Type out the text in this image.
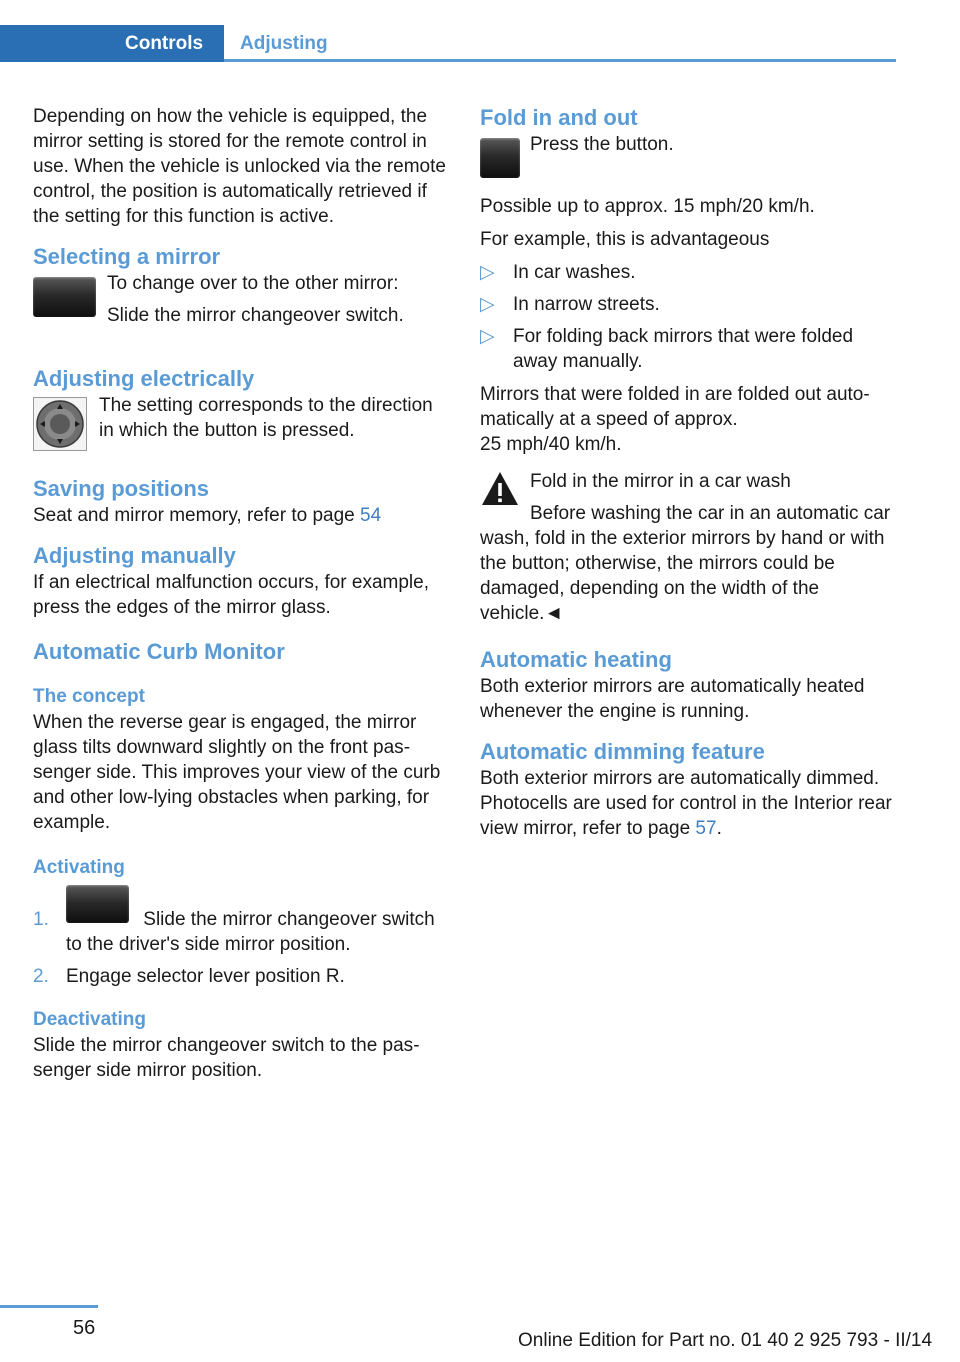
Controls Adjusting

Depending on how the vehicle is equipped, the mirror setting is stored for the remote control in use. When the vehicle is unlocked via the remote control, the position is automatically retrieved if the setting for this function is active.

Selecting a mirror
To change over to the other mirror:
Slide the mirror changeover switch.
Adjusting electrically
The setting corresponds to the direction in which the button is pressed.
Saving positions

Seat and mirror memory, refer to page 54

Adjusting manually

If an electrical malfunction occurs, for example, press the edges of the mirror glass.

Automatic Curb Monitor
The concept

When the reverse gear is engaged, the mirror glass tilts downward slightly on the front passenger side. This improves your view of the curb and other low-lying obstacles when parking, for example.

Activating
1.	Slide the mirror changeover switch to the driver's side mirror position.
2. Engage selector lever position R.
Deactivating

Slide the mirror changeover switch to the passenger side mirror position.

Fold in and out
Press the button.

Possible up to approx. 15 mph/20 km/h.

For example, this is advantageous

▷ In car washes.
▷ In narrow streets.
▷ For folding back mirrors that were folded away manually.

Mirrors that were folded in are folded out automatically at a speed of approx.

25 mph/40 km/h.

Fold in the mirror in a car wash
Before washing the car in an automatic car wash, fold in the exterior mirrors by hand or with the button; otherwise, the mirrors could be damaged, depending on the width of the vehicle.◄
Automatic heating

Both exterior mirrors are automatically heated whenever the engine is running.

Automatic dimming feature

Both exterior mirrors are automatically dimmed. Photocells are used for control in the Interior rear view mirror, refer to page 57.

56
Online Edition for Part no. 01 40 2 925 793 - II/14
